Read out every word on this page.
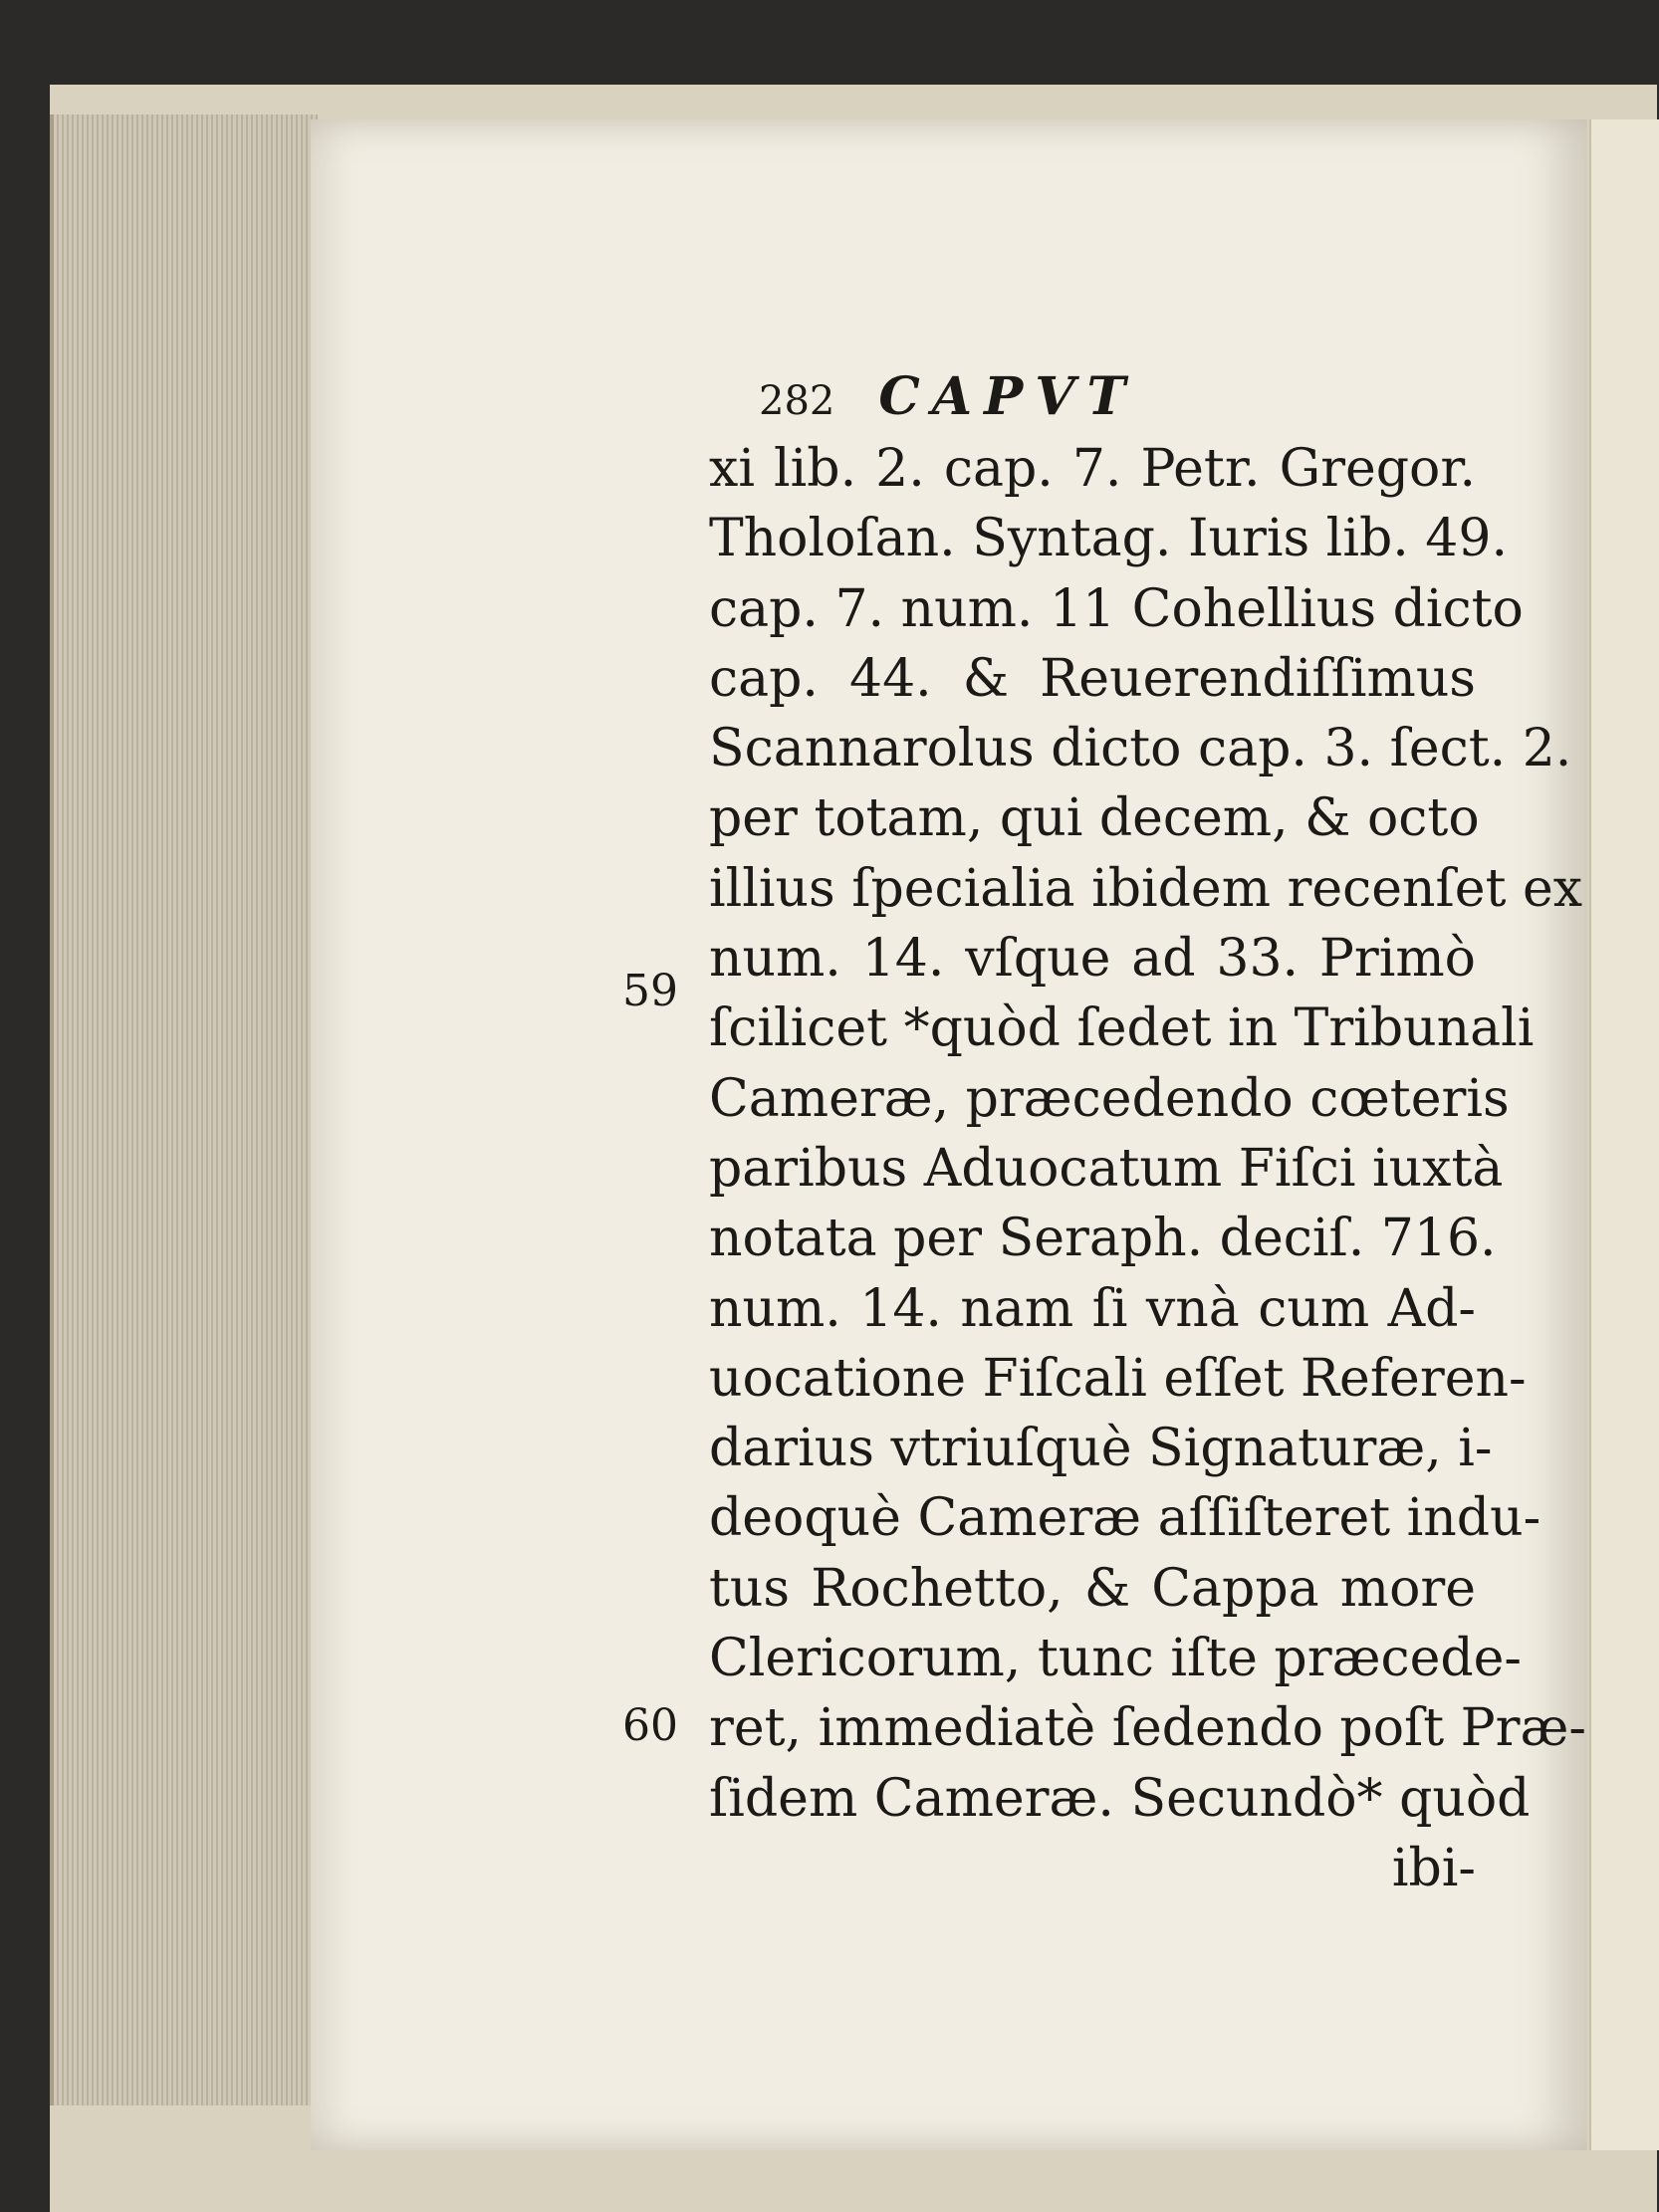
282 CAPVT
xi lib. 2. cap. 7. Petr. Gregor.
Tholoſan. Syntag. Iuris lib. 49.
cap. 7. num. 11 Cohellius dicto
cap. 44. & Reuerendiſſimus
Scannarolus dicto cap. 3. ſect. 2.
per totam, qui decem, & octo
illius ſpecialia ibidem recenſet ex
num. 14. vſque ad 33. Primò
ſcilicet *quòd ſedet in Tribunali
Cameræ, præcedendo cœteris
paribus Aduocatum Fiſci iuxtà
notata per Seraph. deciſ. 716.
num. 14. nam ſi vnà cum Ad-
uocatione Fiſcali eſſet Referen-
darius vtriuſquè Signaturæ, i-
deoquè Cameræ aſſiſteret indu-
tus Rochetto, & Cappa more
Clericorum, tunc iſte præcede-
ret, immediatè ſedendo poſt Præ-
ſidem Cameræ. Secundò* quòd
ibi-
59
60
